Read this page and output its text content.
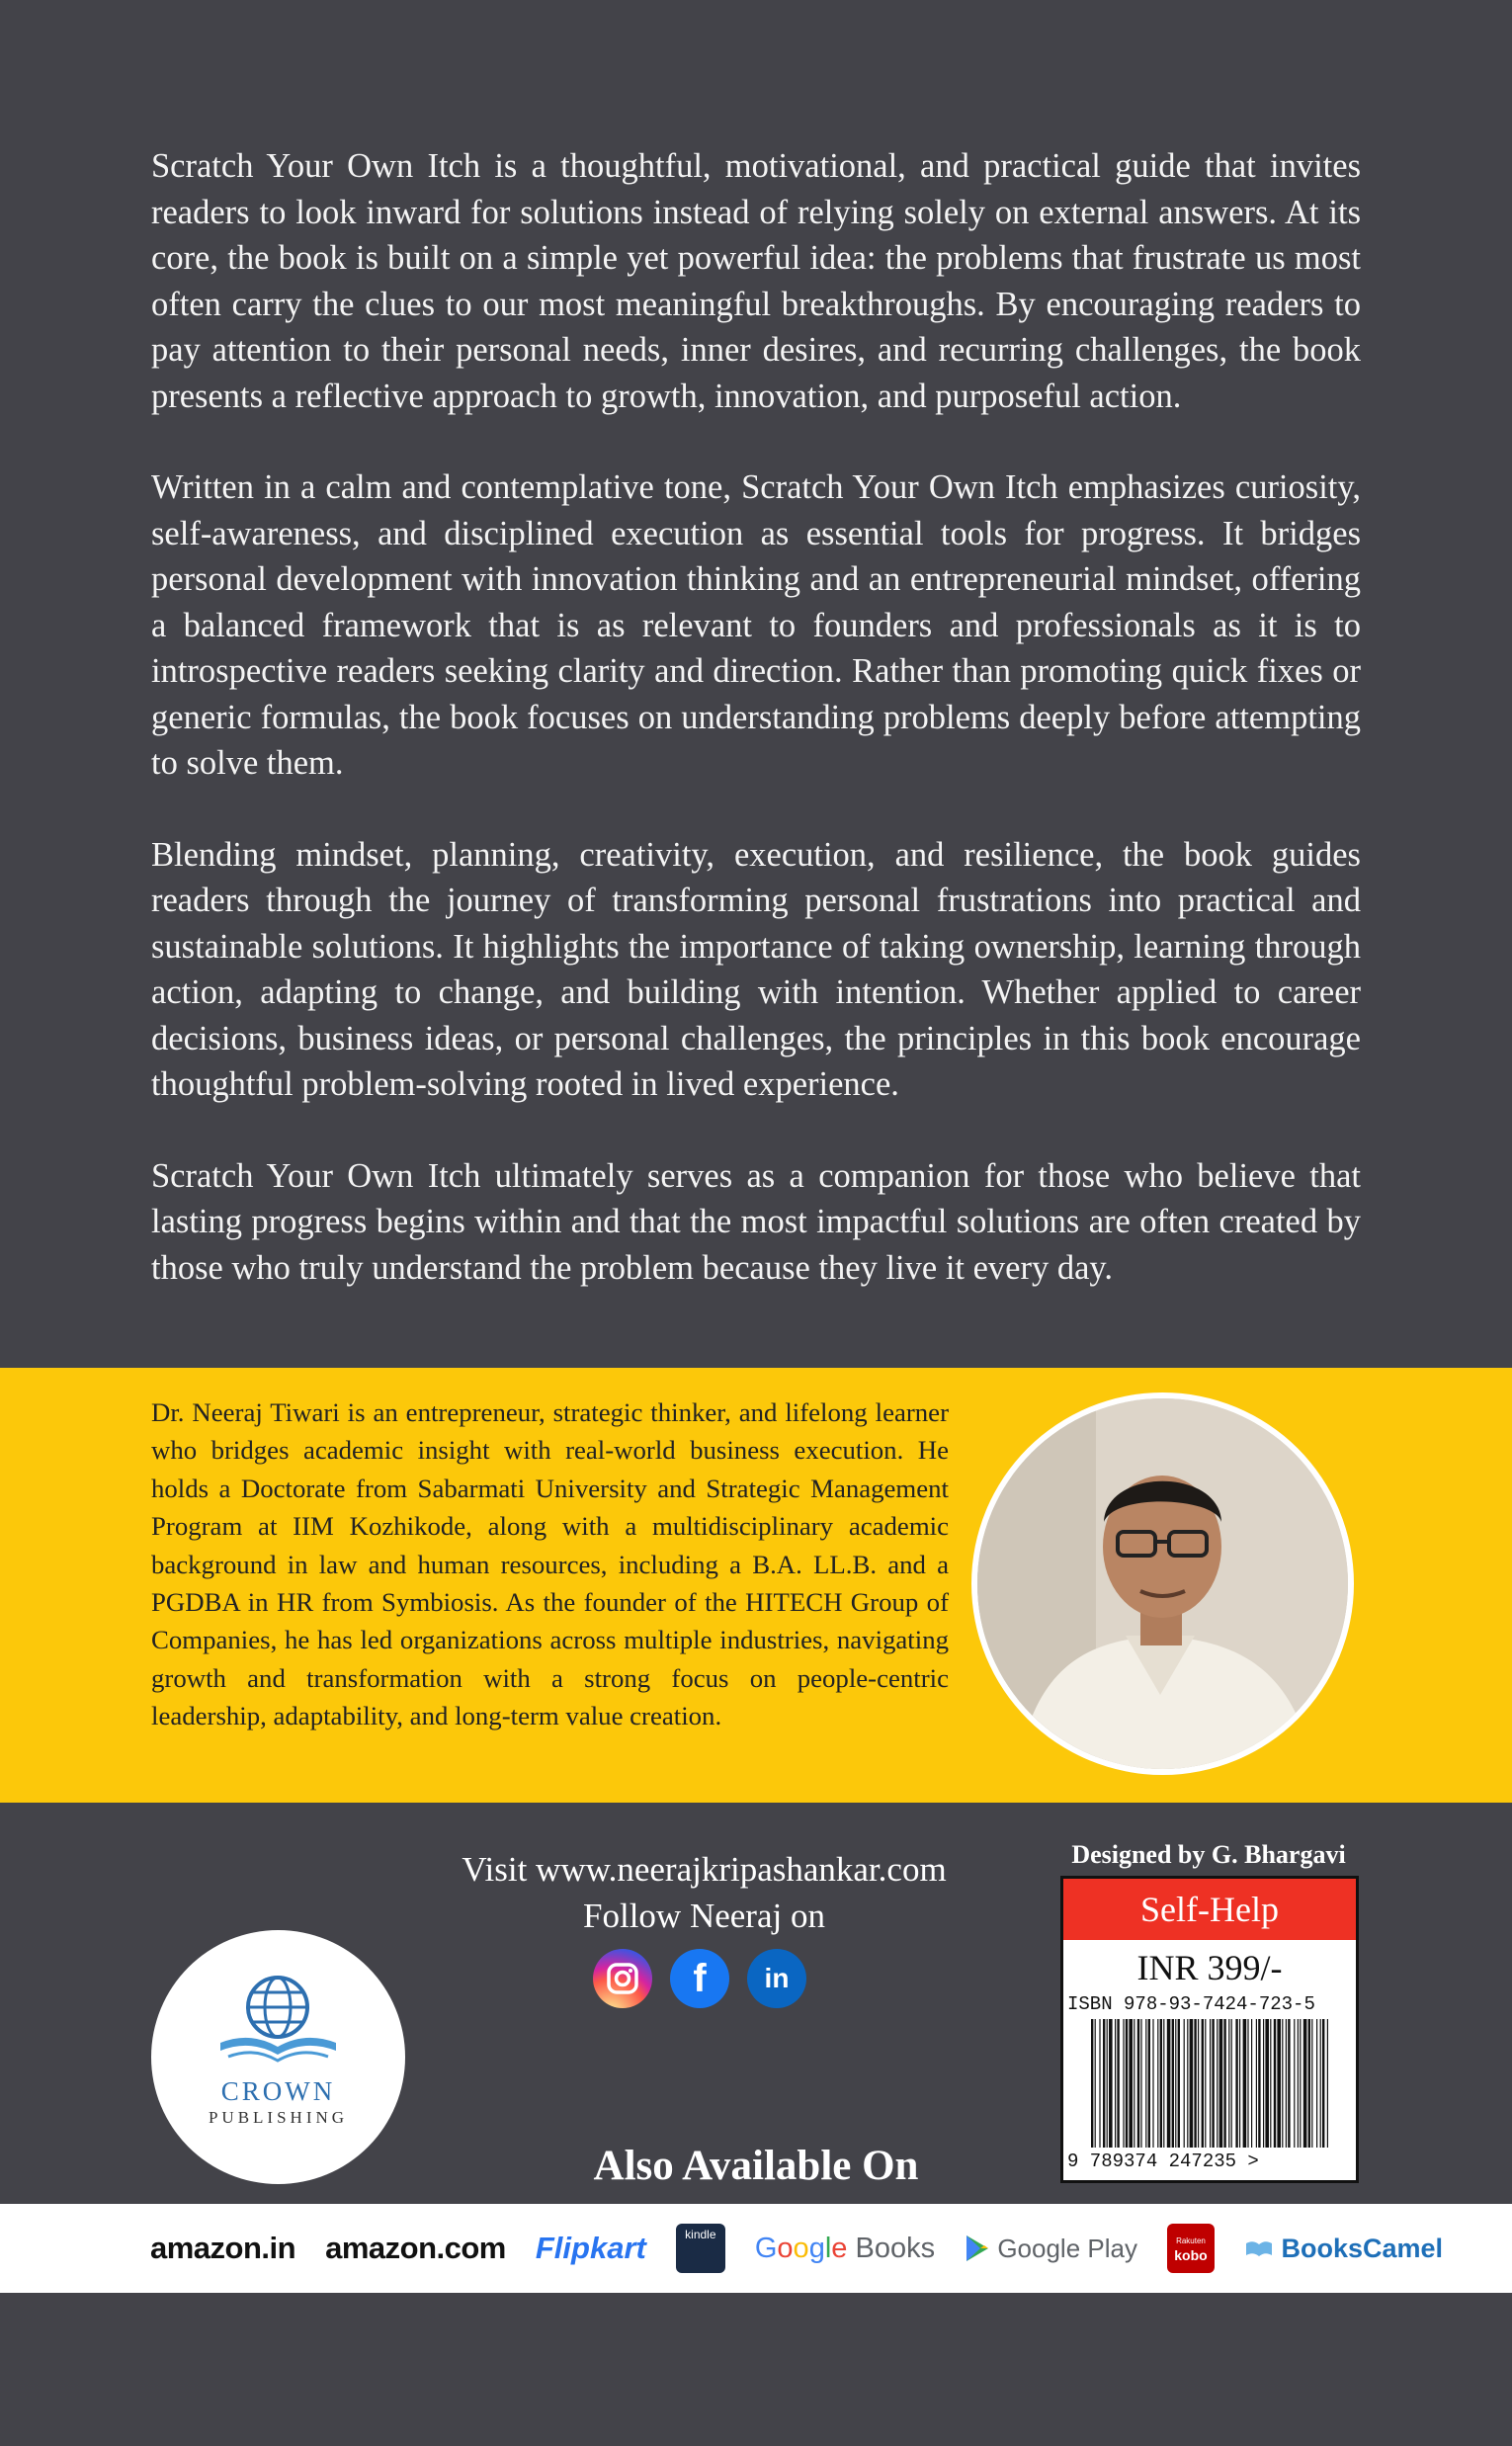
Scratch Your Own Itch is a thoughtful, motivational, and practical guide that invites readers to look inward for solutions instead of relying solely on external answers. At its core, the book is built on a simple yet powerful idea: the problems that frustrate us most often carry the clues to our most meaningful breakthroughs. By encouraging readers to pay attention to their personal needs, inner desires, and recurring challenges, the book presents a reflective approach to growth, innovation, and purposeful action.

Written in a calm and contemplative tone, Scratch Your Own Itch emphasizes curiosity, self-awareness, and disciplined execution as essential tools for progress. It bridges personal development with innovation thinking and an entrepreneurial mindset, offering a balanced framework that is as relevant to founders and professionals as it is to introspective readers seeking clarity and direction. Rather than promoting quick fixes or generic formulas, the book focuses on understanding problems deeply before attempting to solve them.

Blending mindset, planning, creativity, execution, and resilience, the book guides readers through the journey of transforming personal frustrations into practical and sustainable solutions. It highlights the importance of taking ownership, learning through action, adapting to change, and building with intention. Whether applied to career decisions, business ideas, or personal challenges, the principles in this book encourage thoughtful problem-solving rooted in lived experience.

Scratch Your Own Itch ultimately serves as a companion for those who believe that lasting progress begins within and that the most impactful solutions are often created by those who truly understand the problem because they live it every day.

Dr. Neeraj Tiwari is an entrepreneur, strategic thinker, and lifelong learner who bridges academic insight with real-world business execution. He holds a Doctorate from Sabarmati University and Strategic Management Program at IIM Kozhikode, along with a multidisciplinary academic background in law and human resources, including a B.A. LL.B. and a PGDBA in HR from Symbiosis. As the founder of the HITECH Group of Companies, he has led organizations across multiple industries, navigating growth and transformation with a strong focus on people-centric leadership, adaptability, and long-term value creation.

Visit www.neerajkripashankar.com
Follow Neeraj on
f	in
CROWN
PUBLISHING
Designed by G. Bhargavi
Self-Help
INR 399/-
ISBN 978-93-7424-723-5
9 789374 247235 >
Also Available On
amazon.in amazon.com Flipkart	kindle	Google
Books
Google Play	Rakuten
kobo
	BooksCamel
